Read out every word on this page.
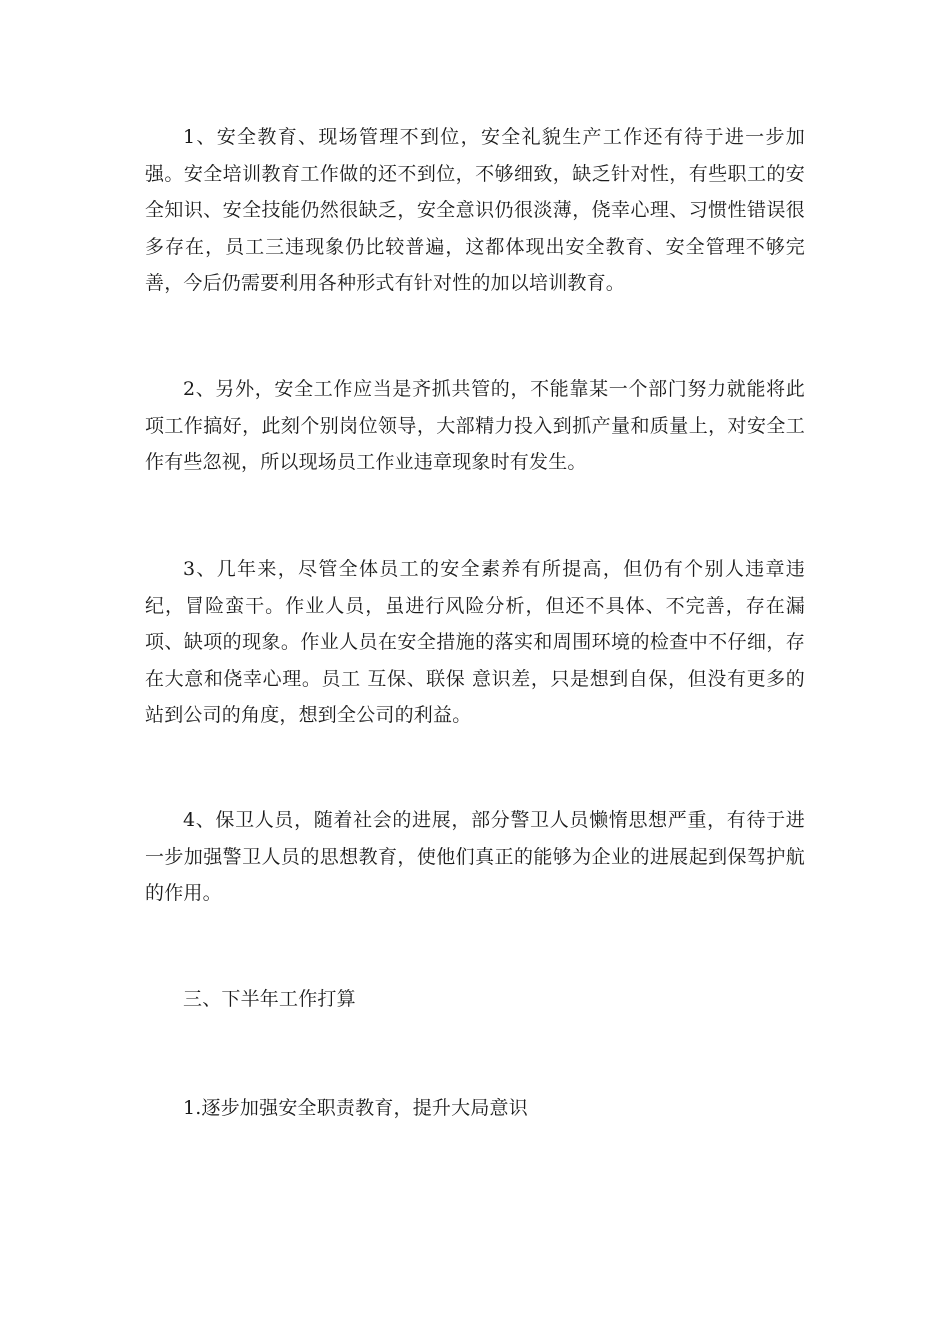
1、安全教育、现场管理不到位，安全礼貌生产工作还有待于进一步加强。安全培训教育工作做的还不到位，不够细致，缺乏针对性，有些职工的安全知识、安全技能仍然很缺乏，安全意识仍很淡薄，侥幸心理、习惯性错误很多存在，员工三违现象仍比较普遍，这都体现出安全教育、安全管理不够完善，今后仍需要利用各种形式有针对性的加以培训教育。

2、另外，安全工作应当是齐抓共管的，不能靠某一个部门努力就能将此项工作搞好，此刻个别岗位领导，大部精力投入到抓产量和质量上，对安全工作有些忽视，所以现场员工作业违章现象时有发生。

3、几年来，尽管全体员工的安全素养有所提高，但仍有个别人违章违纪，冒险蛮干。作业人员，虽进行风险分析，但还不具体、不完善，存在漏项、缺项的现象。作业人员在安全措施的落实和周围环境的检查中不仔细，存在大意和侥幸心理。员工 互保、联保 意识差，只是想到自保，但没有更多的站到公司的角度，想到全公司的利益。

4、保卫人员，随着社会的进展，部分警卫人员懒惰思想严重，有待于进一步加强警卫人员的思想教育，使他们真正的能够为企业的进展起到保驾护航的作用。

三、下半年工作打算

1.逐步加强安全职责教育，提升大局意识
